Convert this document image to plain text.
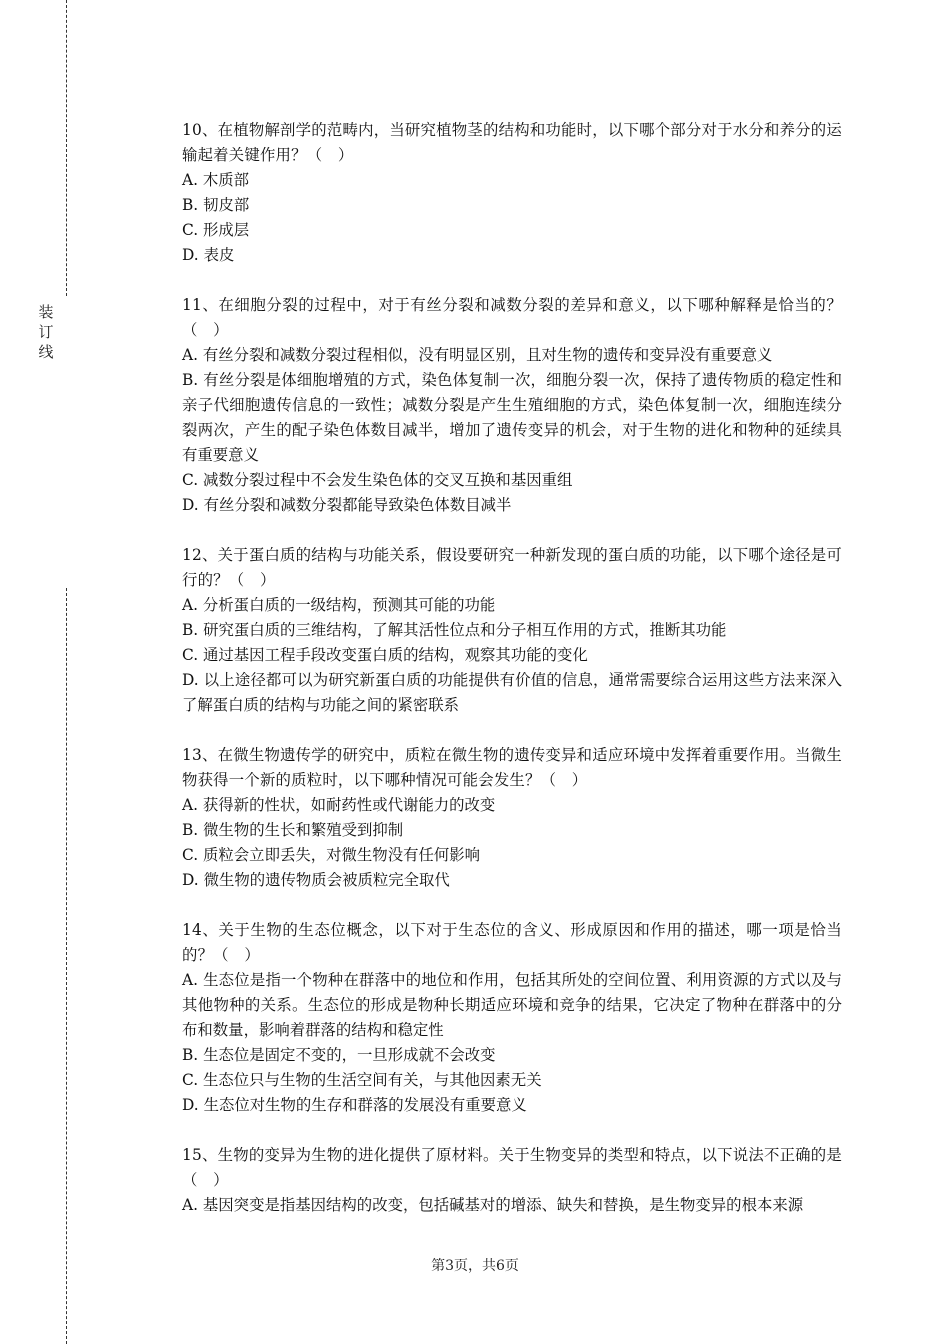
装
订
线

10、在植物解剖学的范畴内，当研究植物茎的结构和功能时，以下哪个部分对于水分和养分的运输起着关键作用？（　）

A. 木质部

B. 韧皮部

C. 形成层

D. 表皮

11、在细胞分裂的过程中，对于有丝分裂和减数分裂的差异和意义，以下哪种解释是恰当的？（　）

A. 有丝分裂和减数分裂过程相似，没有明显区别，且对生物的遗传和变异没有重要意义

B. 有丝分裂是体细胞增殖的方式，染色体复制一次，细胞分裂一次，保持了遗传物质的稳定性和亲子代细胞遗传信息的一致性；减数分裂是产生生殖细胞的方式，染色体复制一次，细胞连续分裂两次，产生的配子染色体数目减半，增加了遗传变异的机会，对于生物的进化和物种的延续具有重要意义

C. 减数分裂过程中不会发生染色体的交叉互换和基因重组

D. 有丝分裂和减数分裂都能导致染色体数目减半

12、关于蛋白质的结构与功能关系，假设要研究一种新发现的蛋白质的功能，以下哪个途径是可行的？（　）

A. 分析蛋白质的一级结构，预测其可能的功能

B. 研究蛋白质的三维结构，了解其活性位点和分子相互作用的方式，推断其功能

C. 通过基因工程手段改变蛋白质的结构，观察其功能的变化

D. 以上途径都可以为研究新蛋白质的功能提供有价值的信息，通常需要综合运用这些方法来深入了解蛋白质的结构与功能之间的紧密联系

13、在微生物遗传学的研究中，质粒在微生物的遗传变异和适应环境中发挥着重要作用。当微生物获得一个新的质粒时，以下哪种情况可能会发生？（　）

A. 获得新的性状，如耐药性或代谢能力的改变

B. 微生物的生长和繁殖受到抑制

C. 质粒会立即丢失，对微生物没有任何影响

D. 微生物的遗传物质会被质粒完全取代

14、关于生物的生态位概念，以下对于生态位的含义、形成原因和作用的描述，哪一项是恰当的？（　）

A. 生态位是指一个物种在群落中的地位和作用，包括其所处的空间位置、利用资源的方式以及与其他物种的关系。生态位的形成是物种长期适应环境和竞争的结果，它决定了物种在群落中的分布和数量，影响着群落的结构和稳定性

B. 生态位是固定不变的，一旦形成就不会改变

C. 生态位只与生物的生活空间有关，与其他因素无关

D. 生态位对生物的生存和群落的发展没有重要意义

15、生物的变异为生物的进化提供了原材料。关于生物变异的类型和特点，以下说法不正确的是（　）

A. 基因突变是指基因结构的改变，包括碱基对的增添、缺失和替换，是生物变异的根本来源

第3页，共6页
